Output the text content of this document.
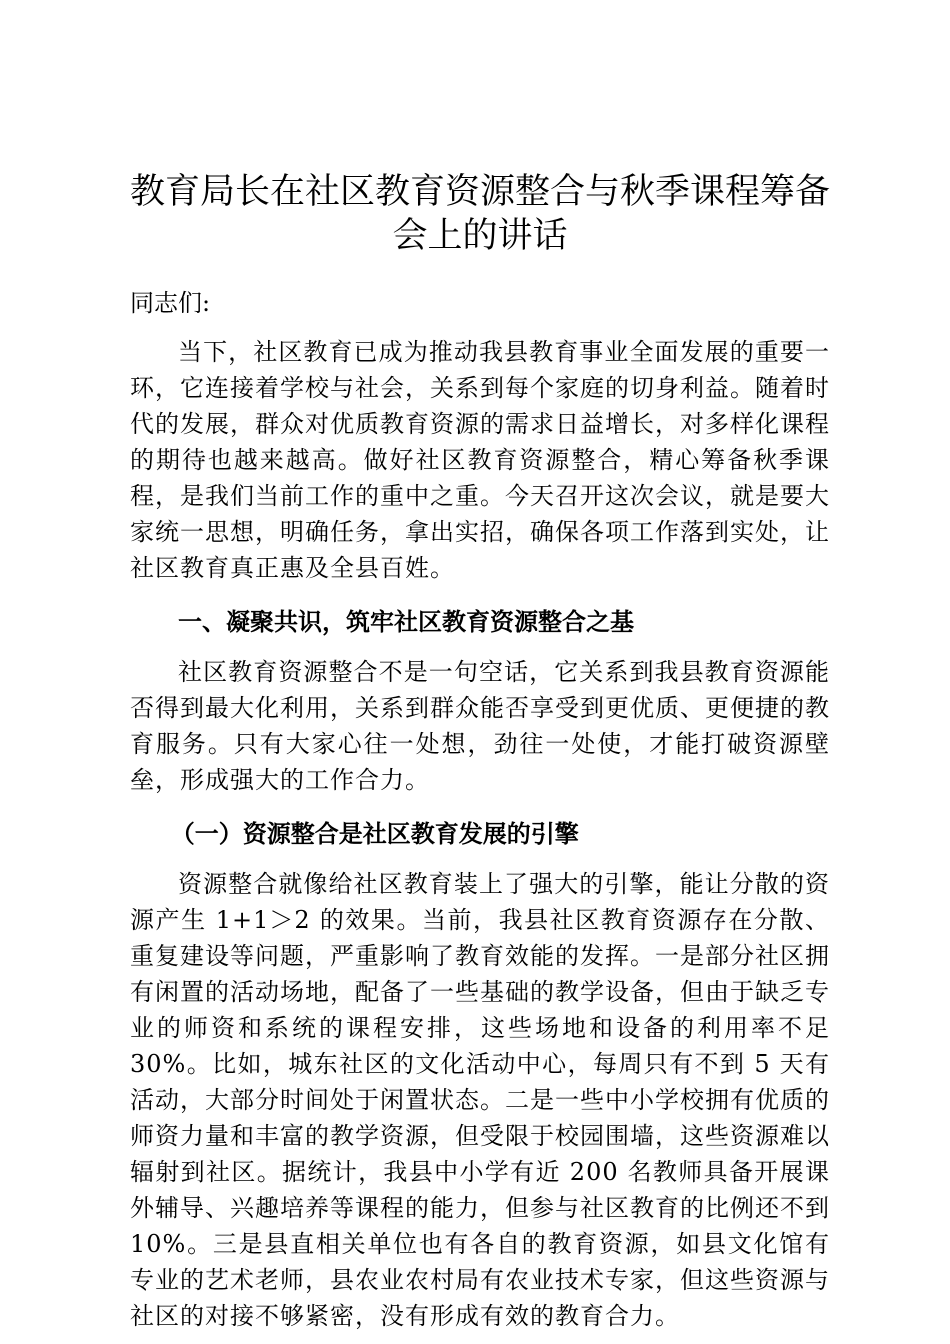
教育局长在社区教育资源整合与秋季课程筹备会上的讲话

同志们:

当下，社区教育已成为推动我县教育事业全面发展的重要一环，它连接着学校与社会，关系到每个家庭的切身利益。随着时代的发展，群众对优质教育资源的需求日益增长，对多样化课程的期待也越来越高。做好社区教育资源整合，精心筹备秋季课程，是我们当前工作的重中之重。今天召开这次会议，就是要大家统一思想，明确任务，拿出实招，确保各项工作落到实处，让社区教育真正惠及全县百姓。

一、凝聚共识，筑牢社区教育资源整合之基

社区教育资源整合不是一句空话，它关系到我县教育资源能否得到最大化利用，关系到群众能否享受到更优质、更便捷的教育服务。只有大家心往一处想，劲往一处使，才能打破资源壁垒，形成强大的工作合力。

（一）资源整合是社区教育发展的引擎

资源整合就像给社区教育装上了强大的引擎，能让分散的资源产生 1+1＞2 的效果。当前，我县社区教育资源存在分散、重复建设等问题，严重影响了教育效能的发挥。一是部分社区拥有闲置的活动场地，配备了一些基础的教学设备，但由于缺乏专业的师资和系统的课程安排，这些场地和设备的利用率不足 30%。比如，城东社区的文化活动中心，每周只有不到 5 天有活动，大部分时间处于闲置状态。二是一些中小学校拥有优质的师资力量和丰富的教学资源，但受限于校园围墙，这些资源难以辐射到社区。据统计，我县中小学有近 200 名教师具备开展课外辅导、兴趣培养等课程的能力，但参与社区教育的比例还不到 10%。三是县直相关单位也有各自的教育资源，如县文化馆有专业的艺术老师，县农业农村局有农业技术专家，但这些资源与社区的对接不够紧密，没有形成有效的教育合力。
